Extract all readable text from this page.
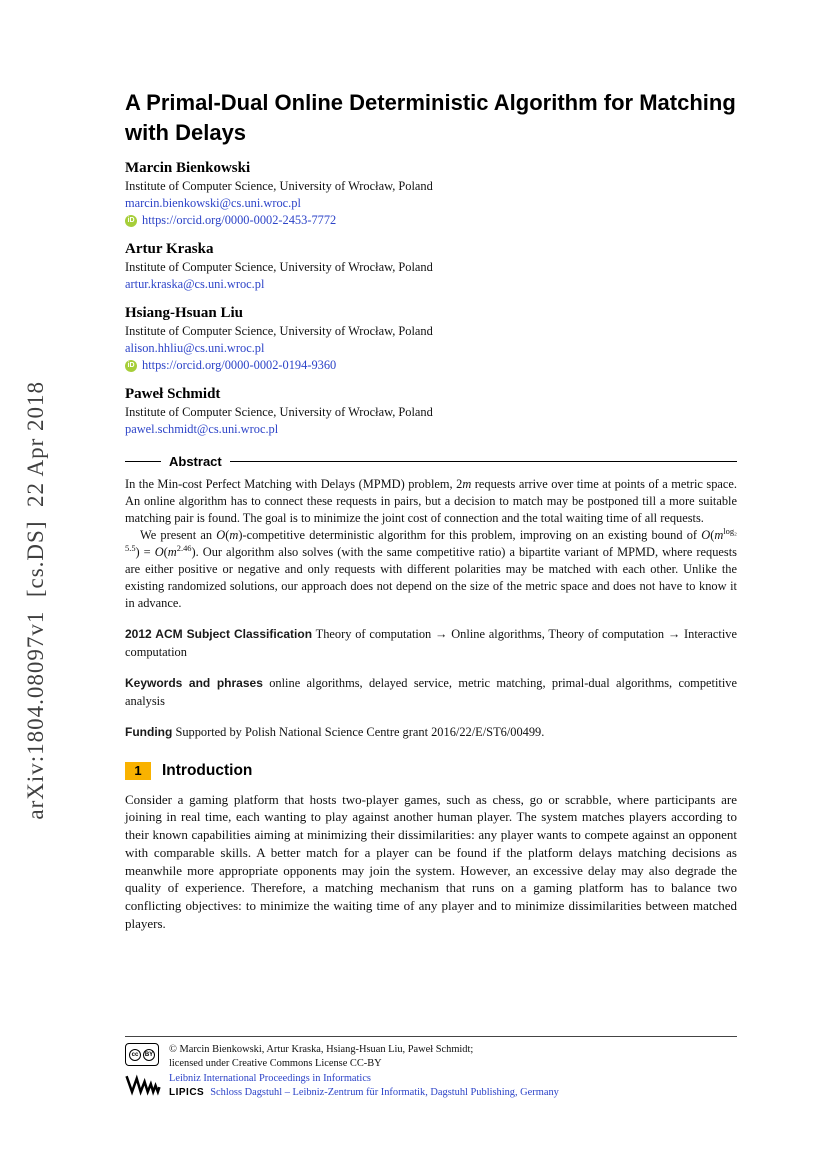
arXiv:1804.08097v1  [cs.DS]  22 Apr 2018
A Primal-Dual Online Deterministic Algorithm for Matching with Delays
Marcin Bienkowski
Institute of Computer Science, University of Wrocław, Poland
marcin.bienkowski@cs.uni.wroc.pl
iD https://orcid.org/0000-0002-2453-7772
Artur Kraska
Institute of Computer Science, University of Wrocław, Poland
artur.kraska@cs.uni.wroc.pl
Hsiang-Hsuan Liu
Institute of Computer Science, University of Wrocław, Poland
alison.hhliu@cs.uni.wroc.pl
iD https://orcid.org/0000-0002-0194-9360
Paweł Schmidt
Institute of Computer Science, University of Wrocław, Poland
pawel.schmidt@cs.uni.wroc.pl
Abstract

In the Min-cost Perfect Matching with Delays (MPMD) problem, 2m requests arrive over time at points of a metric space. An online algorithm has to connect these requests in pairs, but a decision to match may be postponed till a more suitable matching pair is found. The goal is to minimize the joint cost of connection and the total waiting time of all requests.

We present an O(m)-competitive deterministic algorithm for this problem, improving on an existing bound of $O(m^{log_2 5.5}) = O(m^{2.46})$. Our algorithm also solves (with the same competitive ratio) a bipartite variant of MPMD, where requests are either positive or negative and only requests with different polarities may be matched with each other. Unlike the existing randomized solutions, our approach does not depend on the size of the metric space and does not have to know it in advance.

2012 ACM Subject Classification Theory of computation → Online algorithms, Theory of computation → Interactive computation

Keywords and phrases online algorithms, delayed service, metric matching, primal-dual algorithms, competitive analysis

Funding Supported by Polish National Science Centre grant 2016/22/E/ST6/00499.

1	Introduction

Consider a gaming platform that hosts two-player games, such as chess, go or scrabble, where participants are joining in real time, each wanting to play against another human player. The system matches players according to their known capabilities aiming at minimizing their dissimilarities: any player wants to compete against an opponent with comparable skills. A better match for a player can be found if the platform delays matching decisions as meanwhile more appropriate opponents may join the system. However, an excessive delay may also degrade the quality of experience. Therefore, a matching mechanism that runs on a gaming platform has to balance two conflicting objectives: to minimize the waiting time of any player and to minimize dissimilarities between matched players.

cc	BY © Marcin Bienkowski, Artur Kraska, Hsiang-Hsuan Liu, Paweł Schmidt;
licensed under Creative Commons License CC-BY
Leibniz International Proceedings in Informatics
LIPICS Schloss Dagstuhl – Leibniz-Zentrum für Informatik, Dagstuhl Publishing, Germany
